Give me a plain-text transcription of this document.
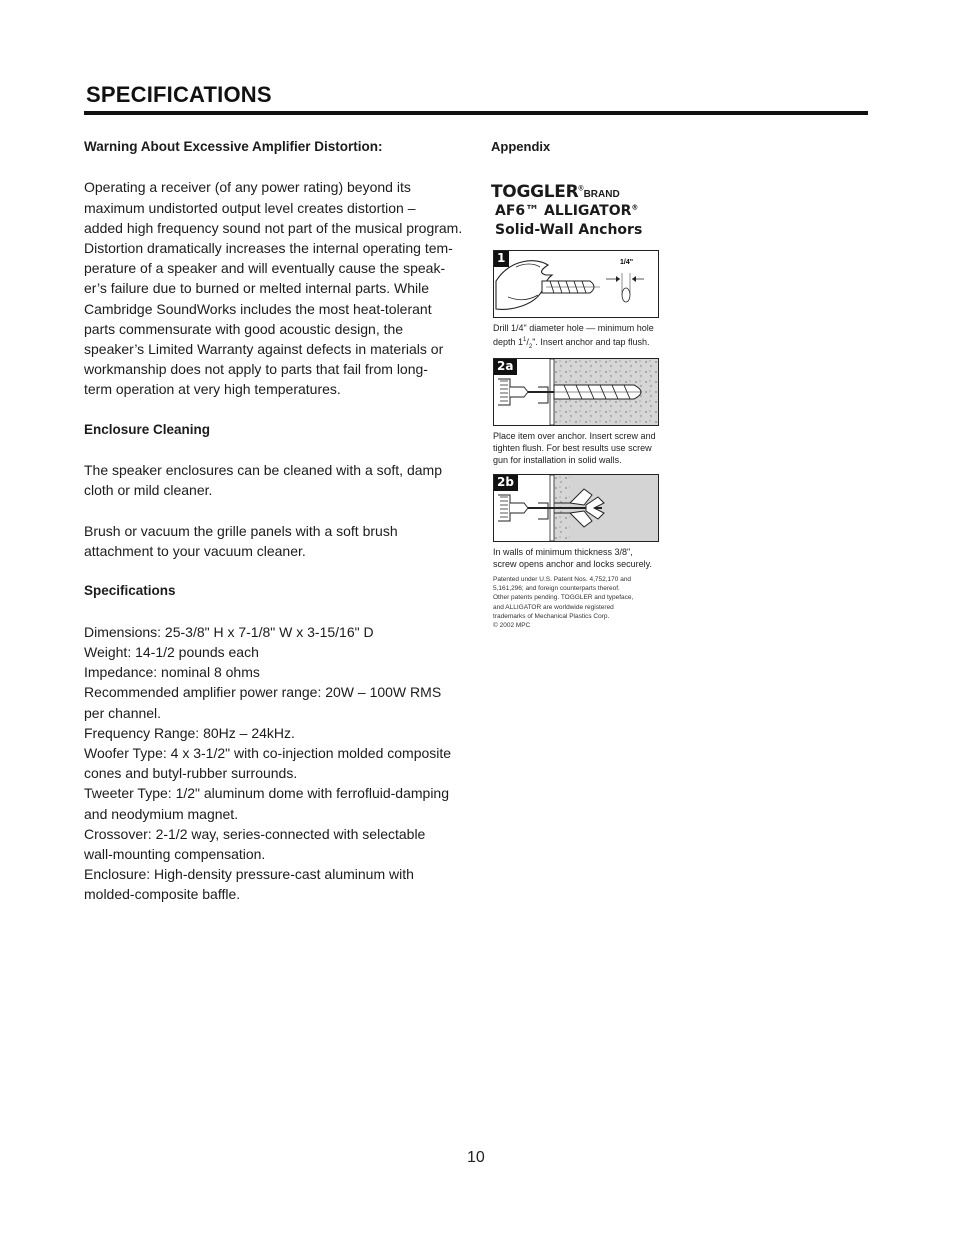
SPECIFICATIONS
Warning About Excessive Amplifier Distortion:

Operating a receiver (of any power rating) beyond its
maximum undistorted output level creates distortion –
added high frequency sound not part of the musical program.
Distortion dramatically increases the internal operating tem-
perature of a speaker and will eventually cause the speak-
er’s failure due to burned or melted internal parts. While
Cambridge SoundWorks includes the most heat-tolerant
parts commensurate with good acoustic design, the
speaker’s Limited Warranty against defects in materials or
workmanship does not apply to parts that fail from long-
term operation at very high temperatures.

Enclosure Cleaning

The speaker enclosures can be cleaned with a soft, damp
cloth or mild cleaner.

Brush or vacuum the grille panels with a soft brush
attachment to your vacuum cleaner.

Specifications
Dimensions: 25-3/8" H x 7-1/8" W x 3-15/16" D
Weight: 14-1/2 pounds each
Impedance: nominal 8 ohms
Recommended amplifier power range: 20W – 100W RMS
per channel.
Frequency Range: 80Hz – 24kHz.
Woofer Type: 4 x 3-1/2" with co-injection molded composite
cones and butyl-rubber surrounds.
Tweeter Type: 1/2" aluminum dome with ferrofluid-damping
and neodymium magnet.
Crossover: 2-1/2 way, series-connected with selectable
wall-mounting compensation.
Enclosure: High-density pressure-cast aluminum with
molded-composite baffle.
Appendix
TOGGLER®BRAND
AF6™ ALLIGATOR®
Solid-Wall Anchors
1/4"
1
Drill 1/4" diameter hole — minimum hole
depth $1^1/_2$". Insert anchor and tap flush.
2a
Place item over anchor. Insert screw and
tighten flush. For best results use screw
gun for installation in solid walls.
2b
In walls of minimum thickness 3/8",
screw opens anchor and locks securely.
Patented under U.S. Patent Nos. 4,752,170 and
5,161,296; and foreign counterparts thereof.
Other patents pending. TOGGLER and typeface,
and ALLIGATOR are worldwide registered
trademarks of Mechanical Plastics Corp.
© 2002 MPC
10
